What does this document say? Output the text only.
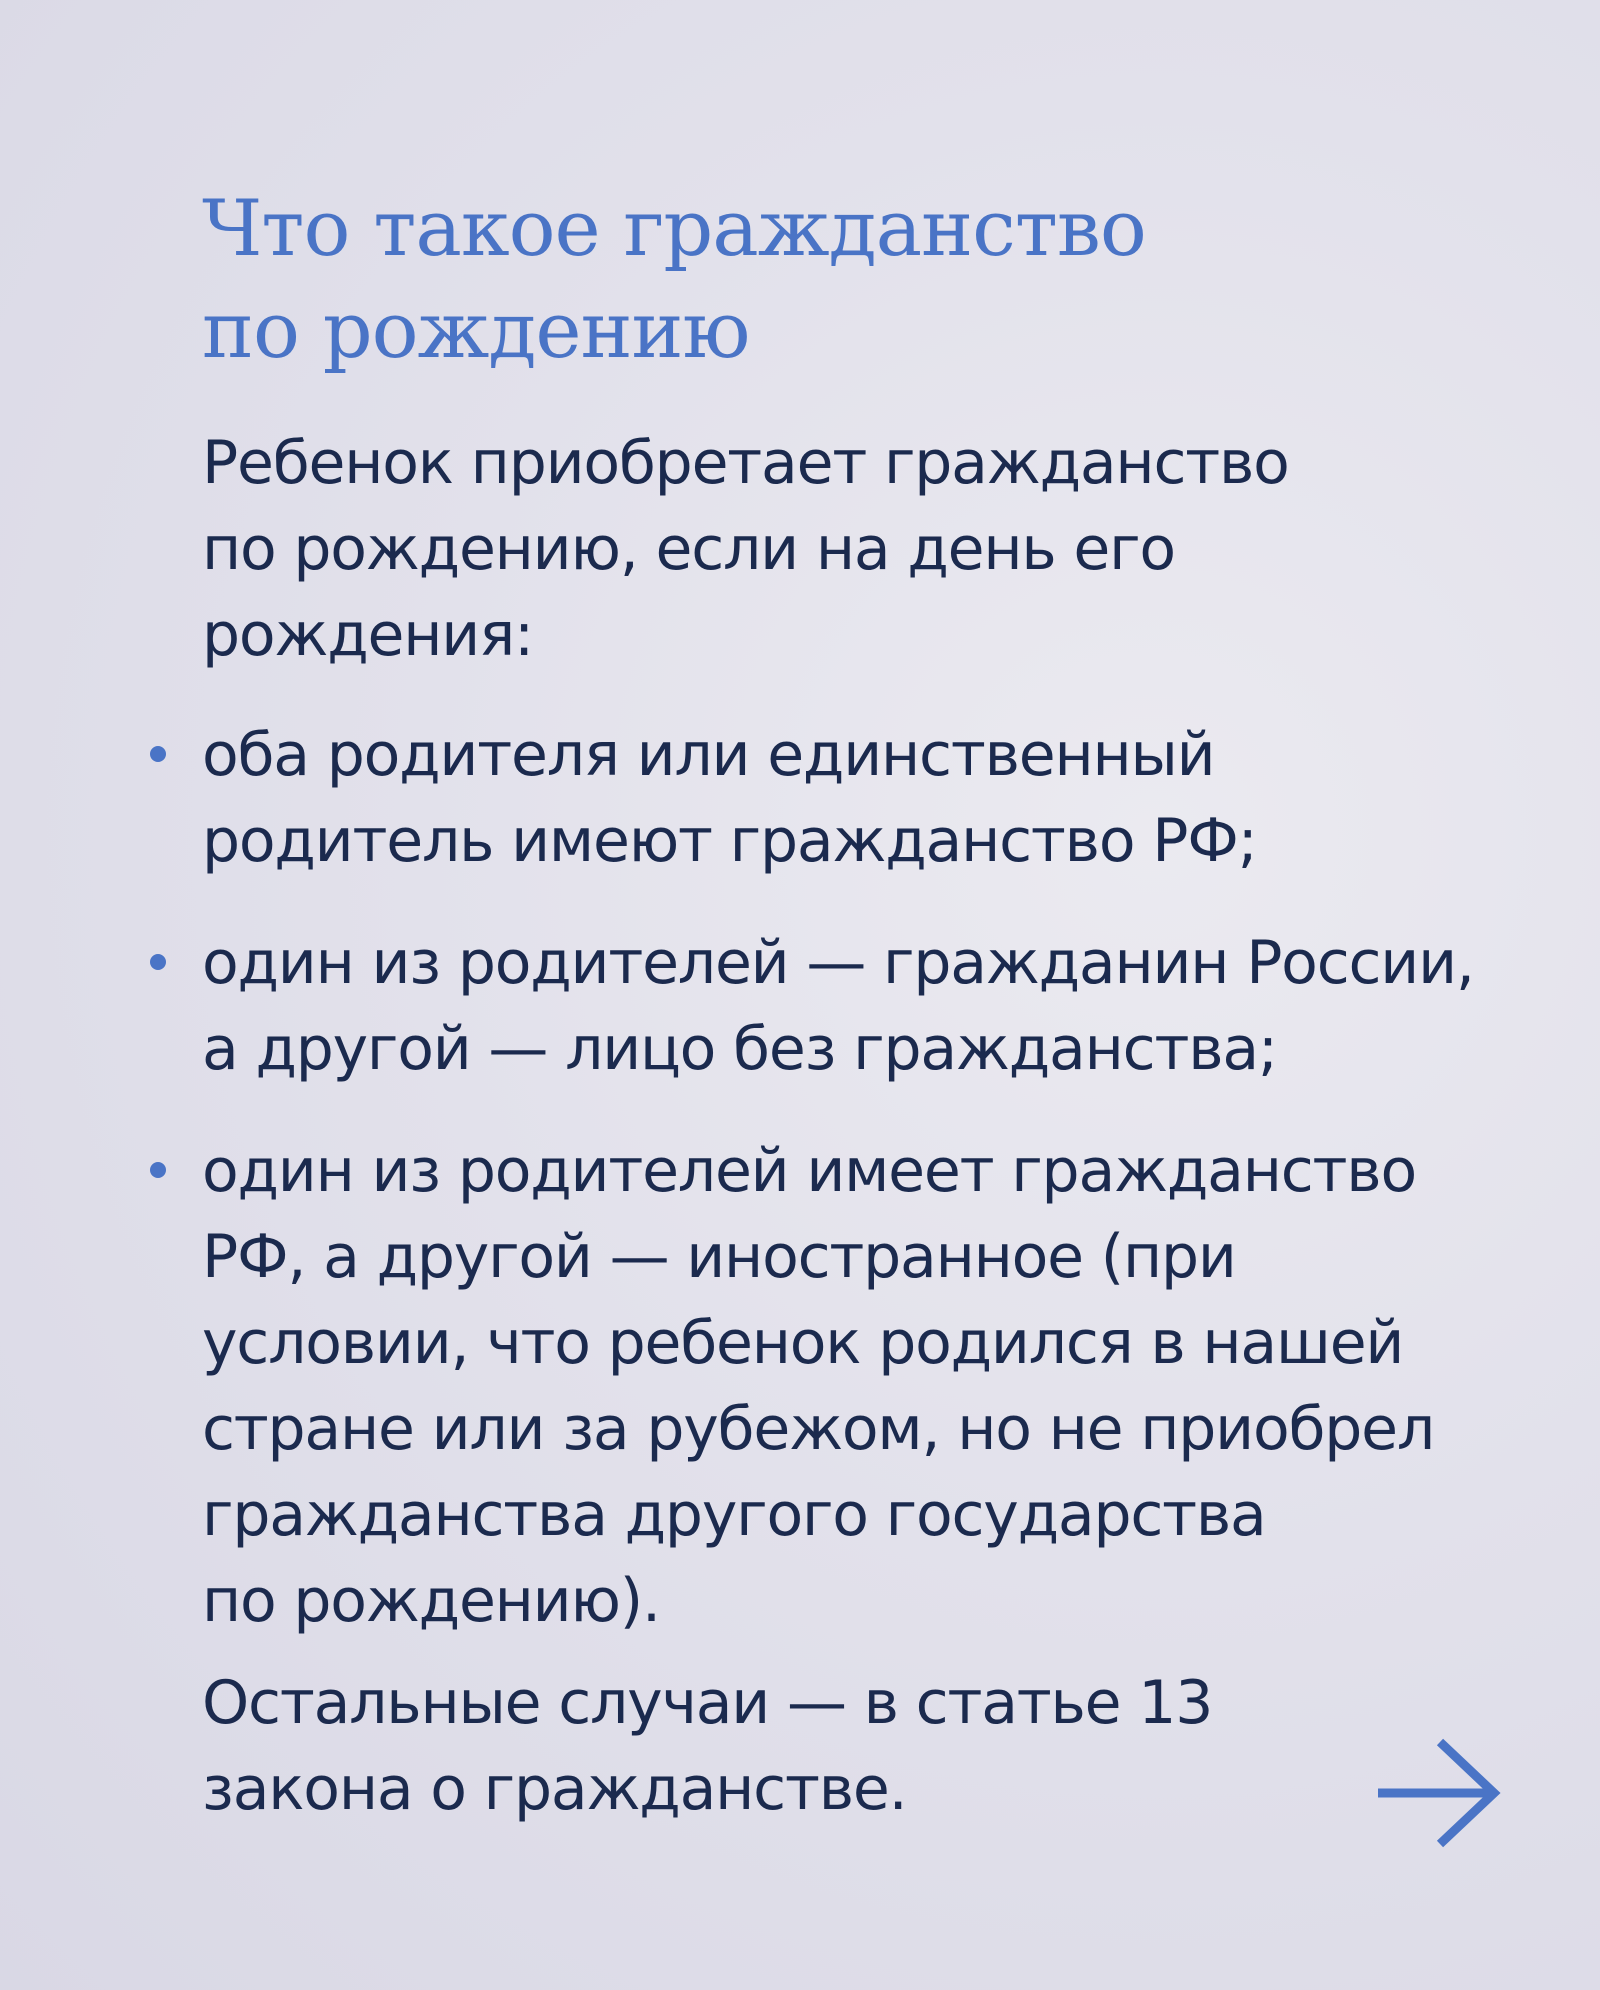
Что такое гражданство
по рождению

Ребенок приобретает гражданство
по рождению, если на день его
рождения:

оба родителя или единственный
родитель имеют гражданство РФ;
один из родителей — гражданин России,
а другой — лицо без гражданства;
один из родителей имеет гражданство
РФ, а другой — иностранное (при
условии, что ребенок родился в нашей
стране или за рубежом, но не приобрел
гражданства другого государства
по рождению).

Остальные случаи — в статье 13
закона о гражданстве.
